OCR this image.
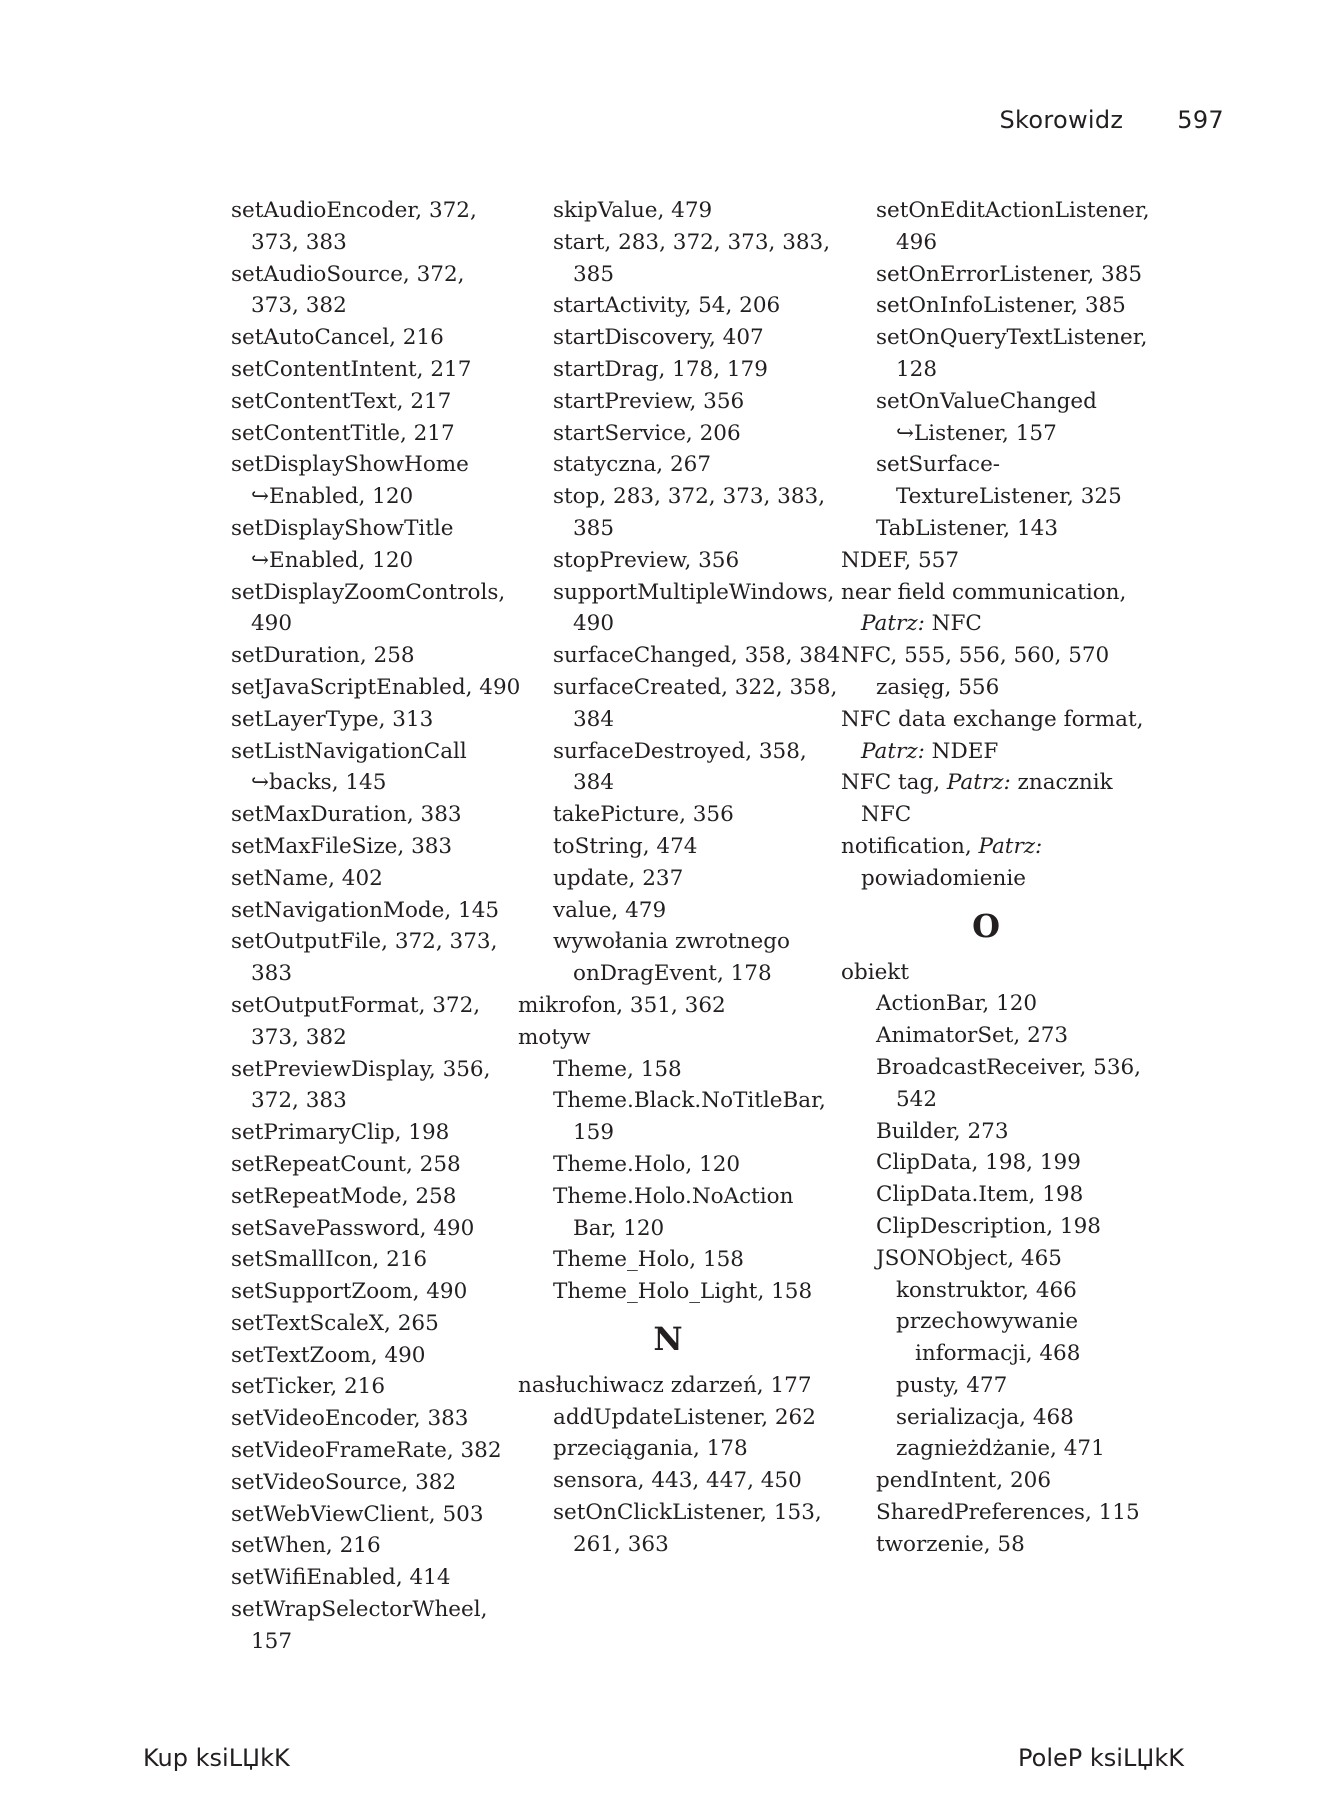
Skorowidz 597
setAudioEncoder, 372,
373, 383
setAudioSource, 372,
373, 382
setAutoCancel, 216
setContentIntent, 217
setContentText, 217
setContentTitle, 217
setDisplayShowHome
↪Enabled, 120
setDisplayShowTitle
↪Enabled, 120
setDisplayZoomControls,
490
setDuration, 258
setJavaScriptEnabled, 490
setLayerType, 313
setListNavigationCall
↪backs, 145
setMaxDuration, 383
setMaxFileSize, 383
setName, 402
setNavigationMode, 145
setOutputFile, 372, 373,
383
setOutputFormat, 372,
373, 382
setPreviewDisplay, 356,
372, 383
setPrimaryClip, 198
setRepeatCount, 258
setRepeatMode, 258
setSavePassword, 490
setSmallIcon, 216
setSupportZoom, 490
setTextScaleX, 265
setTextZoom, 490
setTicker, 216
setVideoEncoder, 383
setVideoFrameRate, 382
setVideoSource, 382
setWebViewClient, 503
setWhen, 216
setWifiEnabled, 414
setWrapSelectorWheel,
157
skipValue, 479
start, 283, 372, 373, 383,
385
startActivity, 54, 206
startDiscovery, 407
startDrag, 178, 179
startPreview, 356
startService, 206
statyczna, 267
stop, 283, 372, 373, 383,
385
stopPreview, 356
supportMultipleWindows,
490
surfaceChanged, 358, 384
surfaceCreated, 322, 358,
384
surfaceDestroyed, 358,
384
takePicture, 356
toString, 474
update, 237
value, 479
wywołania zwrotnego
onDragEvent, 178
mikrofon, 351, 362
motyw
Theme, 158
Theme.Black.NoTitleBar,
159
Theme.Holo, 120
Theme.Holo.NoAction
Bar, 120
Theme_Holo, 158
Theme_Holo_Light, 158
N
nasłuchiwacz zdarzeń, 177
addUpdateListener, 262
przeciągania, 178
sensora, 443, 447, 450
setOnClickListener, 153,
261, 363
setOnEditActionListener,
496
setOnErrorListener, 385
setOnInfoListener, 385
setOnQueryTextListener,
128
setOnValueChanged
↪Listener, 157
setSurface-
TextureListener, 325
TabListener, 143
NDEF, 557
near field communication,
Patrz: NFC
NFC, 555, 556, 560, 570
zasięg, 556
NFC data exchange format,
Patrz: NDEF
NFC tag, Patrz: znacznik
NFC
notification, Patrz:
powiadomienie
O
obiekt
ActionBar, 120
AnimatorSet, 273
BroadcastReceiver, 536,
542
Builder, 273
ClipData, 198, 199
ClipData.Item, 198
ClipDescription, 198
JSONObject, 465
konstruktor, 466
przechowywanie
informacji, 468
pusty, 477
serializacja, 468
zagnieżdżanie, 471
pendIntent, 206
SharedPreferences, 115
tworzenie, 58
Kup ksiLЏkK	PoleP ksiLЏkK
